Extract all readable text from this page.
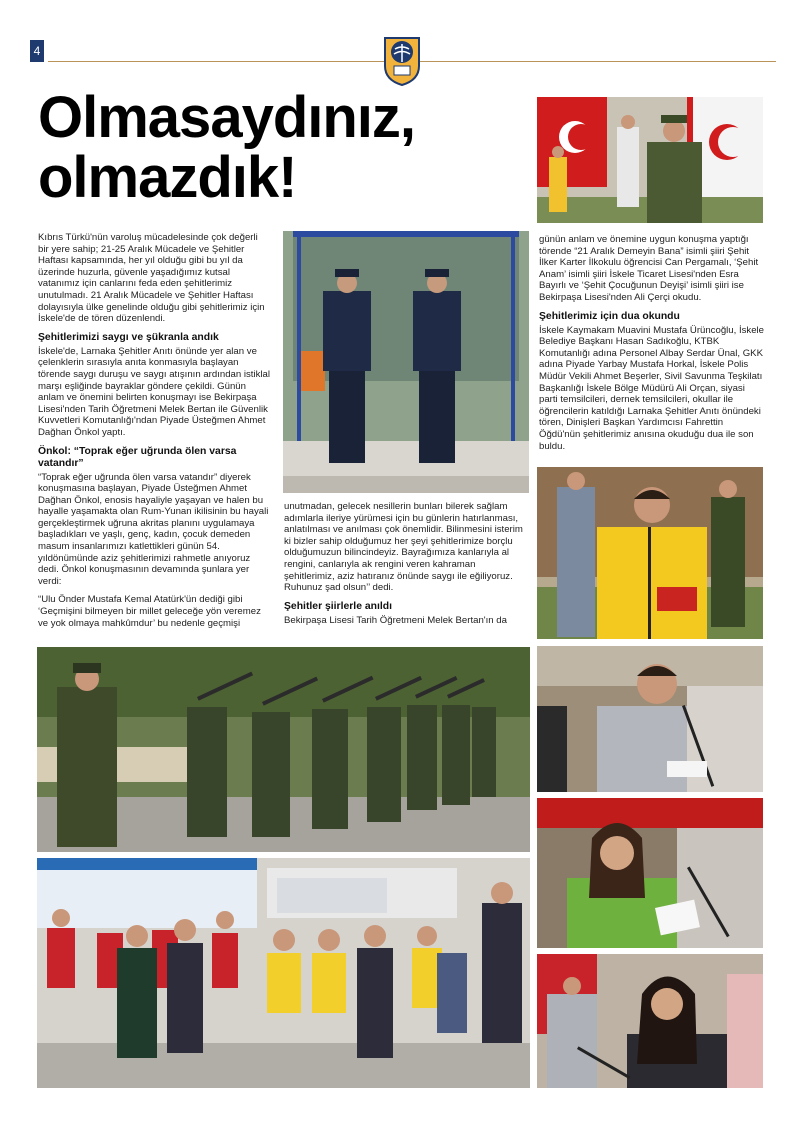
4
Olmasaydınız, olmazdık!

Kıbrıs Türkü'nün varoluş mücadelesinde çok değerli bir yere sahip; 21-25 Aralık Mücadele ve Şehitler Haftası kapsamında, her yıl olduğu gibi bu yıl da üzerinde huzurla, güvenle yaşadığımız kutsal vatanımız için canlarını feda eden şehitlerimiz unutulmadı. 21 Aralık Mücadele ve Şehitler Haftası dolayısıyla ülke genelinde olduğu gibi şehitlerimiz için İskele'de de tören düzenlendi.

Şehitlerimizi saygı ve şükranla andık

İskele'de, Larnaka Şehitler Anıtı önünde yer alan ve çelenklerin sırasıyla anıta konmasıyla başlayan törende saygı duruşu ve saygı atışının ardından istiklal marşı eşliğinde bayraklar göndere çekildi. Günün anlam ve önemini belirten konuşmayı ise Bekirpaşa Lisesi'nden Tarih Öğretmeni Melek Bertan ile Güvenlik Kuvvetleri Komutanlığı'ndan Piyade Üsteğmen Ahmet Dağhan Önkol yaptı.

Önkol: “Toprak eğer uğrunda ölen varsa vatandır”

“Toprak eğer uğrunda ölen varsa vatandır” diyerek konuşmasına başlayan, Piyade Üsteğmen Ahmet Dağhan Önkol, enosis hayaliyle yaşayan ve halen bu hayalle yaşamakta olan Rum-Yunan ikilisinin bu hayali gerçekleştirmek uğruna akritas planını uygulamaya başladıkları ve yaşlı, genç, kadın, çocuk demeden masum insanlarımızı katlettikleri günün 54. yıldönümünde aziz şehitlerimizi rahmetle anıyoruz dedi. Önkol konuşmasının devamında şunlara yer verdi:

“Ulu Önder Mustafa Kemal Atatürk'ün dediği gibi ‘Geçmişini bilmeyen bir millet geleceğe yön veremez ve yok olmaya mahkûmdur’ bu nedenle geçmişi

unutmadan, gelecek nesillerin bunları bilerek sağlam adımlarla ileriye yürümesi için bu günlerin hatırlanması, anlatılması ve anılması çok önemlidir. Bilinmesini isterim ki bizler sahip olduğumuz her şeyi şehitlerimize borçlu olduğumuzun bilincindeyiz. Bayrağımıza kanlarıyla al rengini, canlarıyla ak rengini veren kahraman şehitlerimiz, aziz hatıranız önünde saygı ile eğiliyoruz. Ruhunuz şad olsun’’ dedi.

Şehitler şiirlerle anıldı

Bekirpaşa Lisesi Tarih Öğretmeni Melek Bertan'ın da

günün anlam ve önemine uygun konuşma yaptığı törende “21 Aralık Demeyin Bana” isimli şiiri Şehit İlker Karter İlkokulu öğrencisi Can Pergamalı, ‘Şehit Anam’ isimli şiiri İskele Ticaret Lisesi'nden Esra Bayırlı ve ‘Şehit Çocuğunun Deyişi’ isimli şiiri ise Bekirpaşa Lisesi'nden Ali Çerçi okudu.

Şehitlerimiz için dua okundu

İskele Kaymakam Muavini Mustafa Ürüncoğlu, İskele Belediye Başkanı Hasan Sadıkoğlu, KTBK Komutanlığı adına Personel Albay Serdar Ünal, GKK adına Piyade Yarbay Mustafa Horkal, İskele Polis Müdür Vekili Ahmet Beşerler, Sivil Savunma Teşkilatı Başkanlığı İskele Bölge Müdürü Ali Orçan, siyasi parti temsilcileri, dernek temsilcileri, okullar ile öğrencilerin katıldığı Larnaka Şehitler Anıtı önündeki tören, Dinişleri Başkan Yardımcısı Fahrettin Öğdü'nün şehitlerimiz anısına okuduğu dua ile son buldu.
